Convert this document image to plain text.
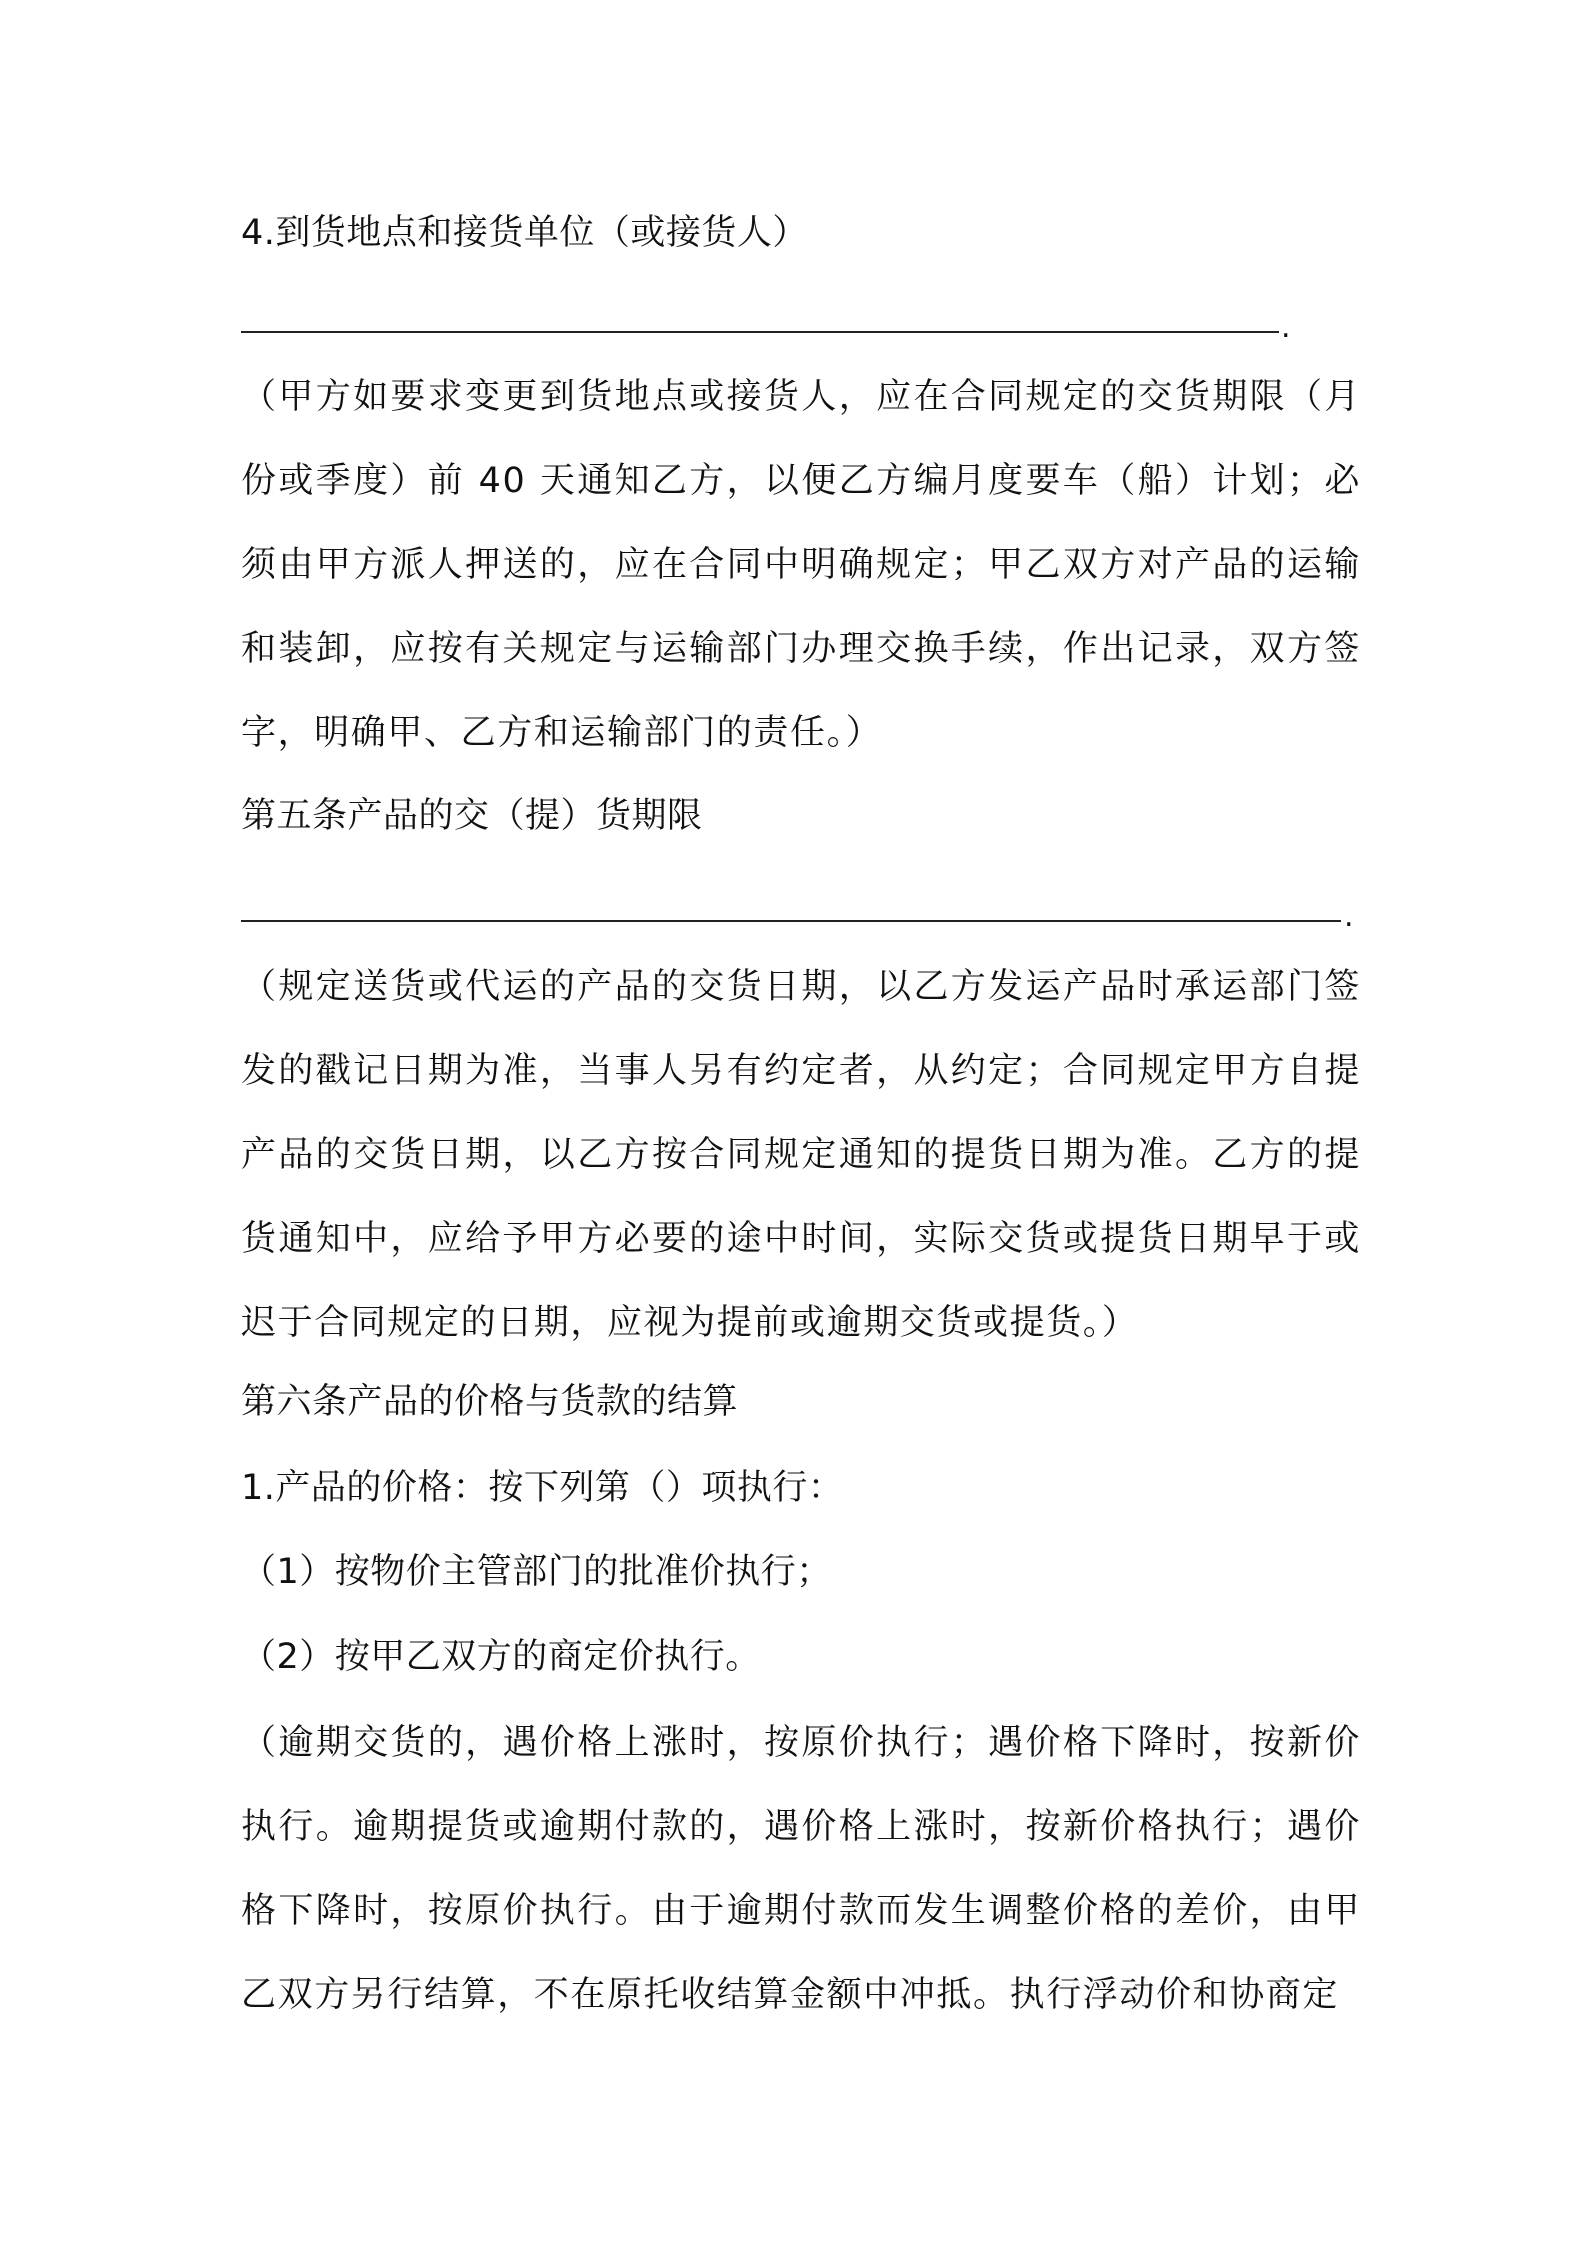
4.到货地点和接货单位（或接货人）
.

（甲方如要求变更到货地点或接货人，应在合同规定的交货期限（月份或季度）前 40 天通知乙方，以便乙方编月度要车（船）计划；必须由甲方派人押送的，应在合同中明确规定；甲乙双方对产品的运输和装卸，应按有关规定与运输部门办理交换手续，作出记录，双方签字，明确甲、乙方和运输部门的责任。）

第五条产品的交（提）货期限
.

（规定送货或代运的产品的交货日期，以乙方发运产品时承运部门签发的戳记日期为准，当事人另有约定者，从约定；合同规定甲方自提产品的交货日期，以乙方按合同规定通知的提货日期为准。乙方的提货通知中，应给予甲方必要的途中时间，实际交货或提货日期早于或迟于合同规定的日期，应视为提前或逾期交货或提货。）

第六条产品的价格与货款的结算
1.产品的价格：按下列第（）项执行：
（1）按物价主管部门的批准价执行；
（2）按甲乙双方的商定价执行。

（逾期交货的，遇价格上涨时，按原价执行；遇价格下降时，按新价执行。逾期提货或逾期付款的，遇价格上涨时，按新价格执行；遇价格下降时，按原价执行。由于逾期付款而发生调整价格的差价，由甲乙双方另行结算，不在原托收结算金额中冲抵。执行浮动价和协商定
